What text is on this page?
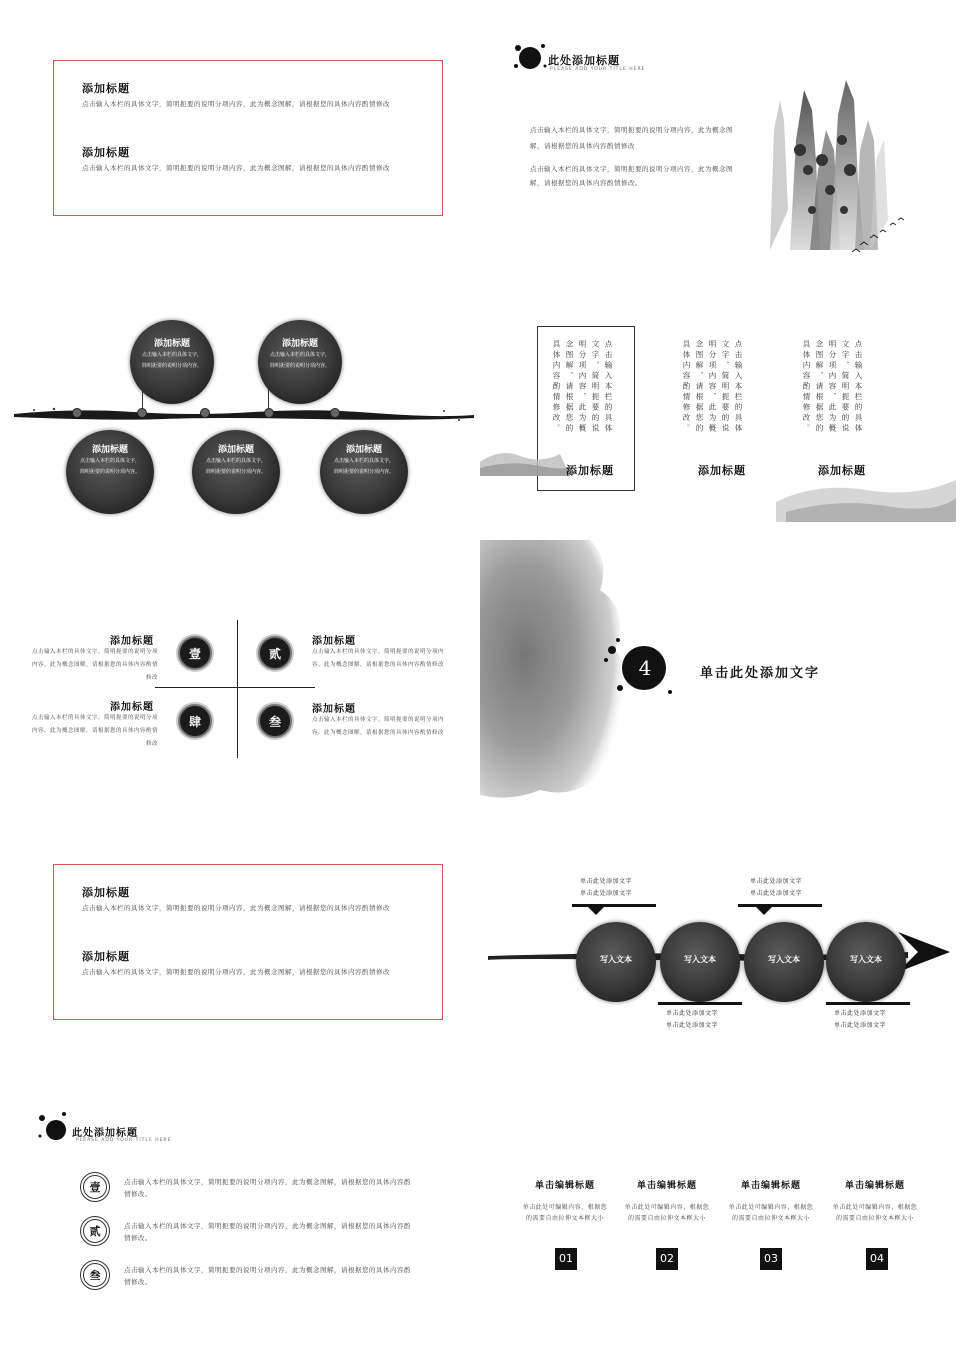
添加标题
点击输入本栏的具体文字，简明扼要的说明分项内容，此为概念图解，请根据您的具体内容酌情修改
添加标题
点击输入本栏的具体文字，简明扼要的说明分项内容，此为概念图解，请根据您的具体内容酌情修改
此处添加标题
PLEASE ADD YOUR TITLE HERE
点击输入本栏的具体文字，简明扼要的说明分项内容，此为概念图解，请根据您的具体内容酌情修改
点击输入本栏的具体文字，简明扼要的说明分项内容，此为概念图解，请根据您的具体内容酌情修改。
添加标题
点击输入本栏的具体文字，简明扼要的说明分项内容。
添加标题
点击输入本栏的具体文字，简明扼要的说明分项内容。
添加标题
点击输入本栏的具体文字，简明扼要的说明分项内容。
添加标题
点击输入本栏的具体文字，简明扼要的说明分项内容。
添加标题
点击输入本栏的具体文字，简明扼要的说明分项内容。
点击输入本栏的具体文字，简明扼要的说明分项内容，此为概念图解，请根据您的具体内容酌情修改。
添加标题
点击输入本栏的具体文字，简明扼要的说明分项内容，此为概念图解，请根据您的具体内容酌情修改。
添加标题
点击输入本栏的具体文字，简明扼要的说明分项内容，此为概念图解，请根据您的具体内容酌情修改。
添加标题
壹	贰
肆	叁
添加标题
点击输入本栏的具体文字，简明扼要的说明分项内容，此为概念图解，请根据您的具体内容酌情修改
添加标题
点击输入本栏的具体文字，简明扼要的说明分项内容，此为概念图解，请根据您的具体内容酌情修改
添加标题
点击输入本栏的具体文字，简明扼要的说明分项内容，此为概念图解，请根据您的具体内容酌情修改
添加标题
点击输入本栏的具体文字，简明扼要的说明分项内容，此为概念图解，请根据您的具体内容酌情修改
4	单击此处添加文字
添加标题
点击输入本栏的具体文字，简明扼要的说明分项内容，此为概念图解，请根据您的具体内容酌情修改
添加标题
点击输入本栏的具体文字，简明扼要的说明分项内容，此为概念图解，请根据您的具体内容酌情修改
单击此处添加文字
单击此处添加文字
单击此处添加文字
单击此处添加文字
单击此处添加文字
单击此处添加文字
单击此处添加文字
单击此处添加文字
写入文本	写入文本	写入文本	写入文本
此处添加标题
PLEASE ADD YOUR TITLE HERE
壹	点击输入本栏的具体文字，简明扼要的说明分项内容，此为概念图解，请根据您的具体内容酌情修改。
贰	点击输入本栏的具体文字，简明扼要的说明分项内容，此为概念图解，请根据您的具体内容酌情修改。
叁	点击输入本栏的具体文字，简明扼要的说明分项内容，此为概念图解，请根据您的具体内容酌情修改。
单击编辑标题
单击此处可编辑内容，根据您的需要自由拉伸文本框大小
01
单击编辑标题
单击此处可编辑内容，根据您的需要自由拉伸文本框大小
02
单击编辑标题
单击此处可编辑内容，根据您的需要自由拉伸文本框大小
03
单击编辑标题
单击此处可编辑内容，根据您的需要自由拉伸文本框大小
04
